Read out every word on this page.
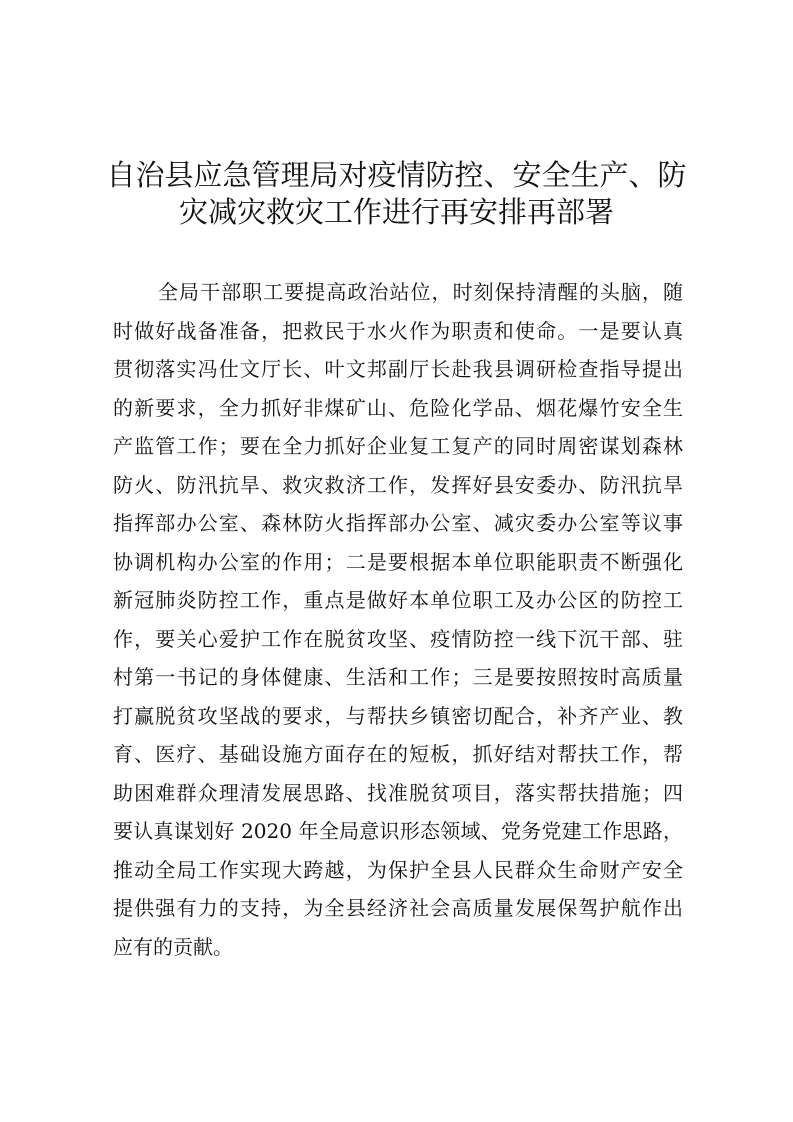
自治县应急管理局对疫情防控、安全生产、防
灾减灾救灾工作进行再安排再部署
全局干部职工要提高政治站位，时刻保持清醒的头脑，随
时做好战备准备，把救民于水火作为职责和使命。一是要认真
贯彻落实冯仕文厅长、叶文邦副厅长赴我县调研检查指导提出
的新要求，全力抓好非煤矿山、危险化学品、烟花爆竹安全生
产监管工作；要在全力抓好企业复工复产的同时周密谋划森林
防火、防汛抗旱、救灾救济工作，发挥好县安委办、防汛抗旱
指挥部办公室、森林防火指挥部办公室、减灾委办公室等议事
协调机构办公室的作用；二是要根据本单位职能职责不断强化
新冠肺炎防控工作，重点是做好本单位职工及办公区的防控工
作，要关心爱护工作在脱贫攻坚、疫情防控一线下沉干部、驻
村第一书记的身体健康、生活和工作；三是要按照按时高质量
打赢脱贫攻坚战的要求，与帮扶乡镇密切配合，补齐产业、教
育、医疗、基础设施方面存在的短板，抓好结对帮扶工作，帮
助困难群众理清发展思路、找准脱贫项目，落实帮扶措施；四
要认真谋划好 2020 年全局意识形态领域、党务党建工作思路，
推动全局工作实现大跨越，为保护全县人民群众生命财产安全
提供强有力的支持，为全县经济社会高质量发展保驾护航作出
应有的贡献。
